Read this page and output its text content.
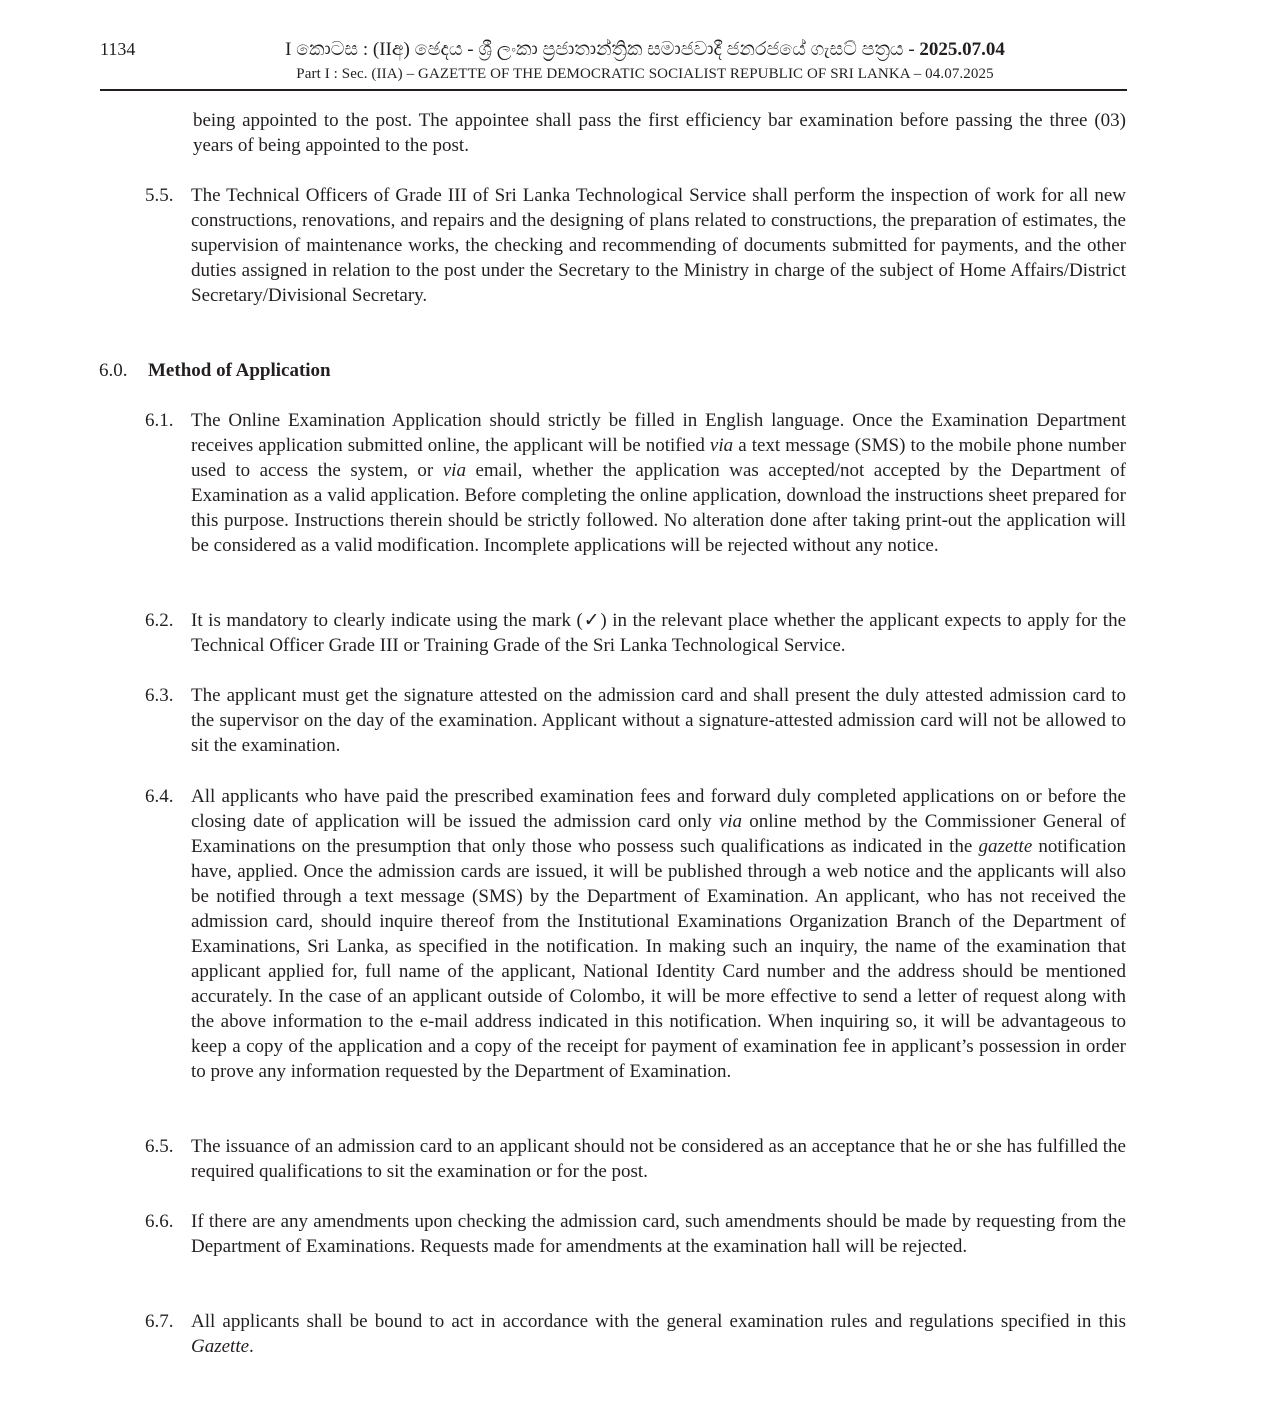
1134	I කොටස : (IIඅ) ඡෙදය - ශ්‍රී ලංකා ප්‍රජාතාන්ත්‍රික සමාජවාදී ජනරජයේ ගැසට් පත්‍රය - 2025.07.04
Part I : Sec. (IIA) – GAZETTE OF THE DEMOCRATIC SOCIALIST REPUBLIC OF SRI LANKA – 04.07.2025

being appointed to the post. The appointee shall pass the first efficiency bar examination before passing the three (03) years of being appointed to the post.

5.5. The Technical Officers of Grade III of Sri Lanka Technological Service shall perform the inspection of work for all new constructions, renovations, and repairs and the designing of plans related to constructions, the preparation of estimates, the supervision of maintenance works, the checking and recommending of documents submitted for payments, and the other duties assigned in relation to the post under the Secretary to the Ministry in charge of the subject of Home Affairs/District Secretary/Divisional Secretary.

6.0. Method of Application
6.1. The Online Examination Application should strictly be filled in English language. Once the Examination Department receives application submitted online, the applicant will be notified via a text message (SMS) to the mobile phone number used to access the system, or via email, whether the application was accepted/not accepted by the Department of Examination as a valid application. Before completing the online application, download the instructions sheet prepared for this purpose. Instructions therein should be strictly followed. No alteration done after taking print-out the application will be considered as a valid modification. Incomplete applications will be rejected without any notice.

6.2. It is mandatory to clearly indicate using the mark (✓) in the relevant place whether the applicant expects to apply for the Technical Officer Grade III or Training Grade of the Sri Lanka Technological Service.

6.3. The applicant must get the signature attested on the admission card and shall present the duly attested admission card to the supervisor on the day of the examination. Applicant without a signature-attested admission card will not be allowed to sit the examination.

6.4. All applicants who have paid the prescribed examination fees and forward duly completed applications on or before the closing date of application will be issued the admission card only via online method by the Commissioner General of Examinations on the presumption that only those who possess such qualifications as indicated in the gazette notification have, applied. Once the admission cards are issued, it will be published through a web notice and the applicants will also be notified through a text message (SMS) by the Department of Examination. An applicant, who has not received the admission card, should inquire thereof from the Institutional Examinations Organization Branch of the Department of Examinations, Sri Lanka, as specified in the notification. In making such an inquiry, the name of the examination that applicant applied for, full name of the applicant, National Identity Card number and the address should be mentioned accurately. In the case of an applicant outside of Colombo, it will be more effective to send a letter of request along with the above information to the e-mail address indicated in this notification. When inquiring so, it will be advantageous to keep a copy of the application and a copy of the receipt for payment of examination fee in applicant’s possession in order to prove any information requested by the Department of Examination.

6.5. The issuance of an admission card to an applicant should not be considered as an acceptance that he or she has fulfilled the required qualifications to sit the examination or for the post.

6.6. If there are any amendments upon checking the admission card, such amendments should be made by requesting from the Department of Examinations. Requests made for amendments at the examination hall will be rejected.

6.7. All applicants shall be bound to act in accordance with the general examination rules and regulations specified in this Gazette.
